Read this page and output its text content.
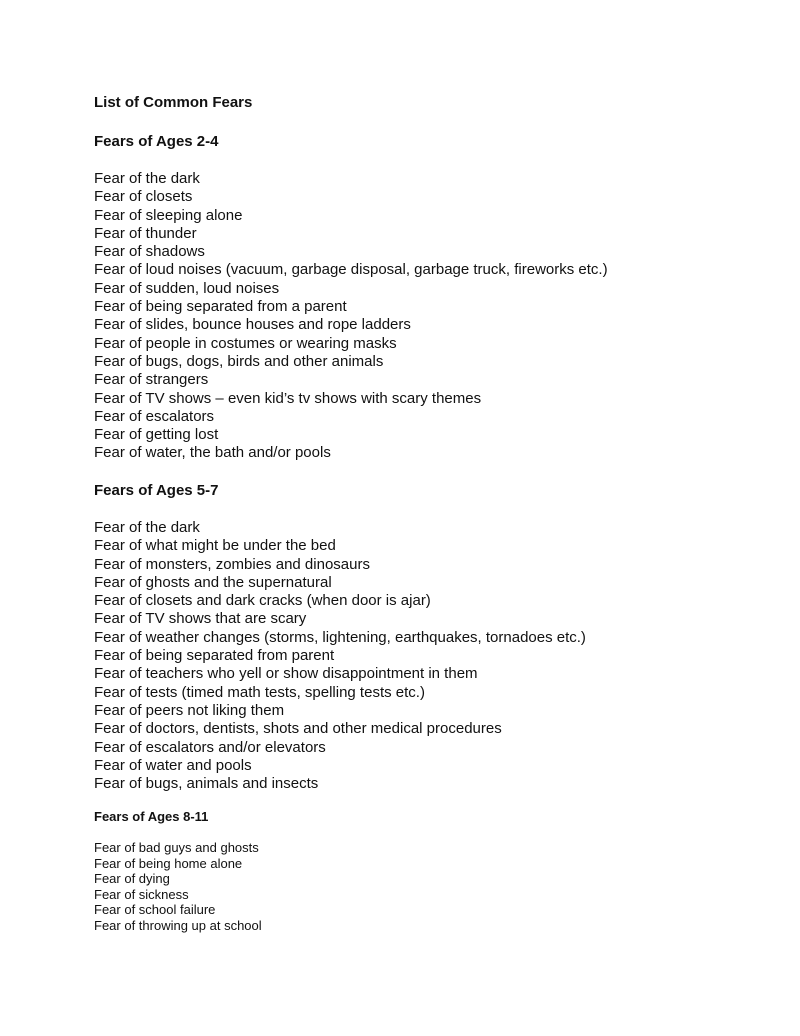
List of Common Fears
Fears of Ages 2-4
Fear of the dark
Fear of closets
Fear of sleeping alone
Fear of thunder
Fear of shadows
Fear of loud noises (vacuum, garbage disposal, garbage truck, fireworks etc.)
Fear of sudden, loud noises
Fear of being separated from a parent
Fear of slides, bounce houses and rope ladders
Fear of people in costumes or wearing masks
Fear of bugs, dogs, birds and other animals
Fear of strangers
Fear of TV shows – even kid’s tv shows with scary themes
Fear of escalators
Fear of getting lost
Fear of water, the bath and/or pools
Fears of Ages 5-7
Fear of the dark
Fear of what might be under the bed
Fear of monsters, zombies and dinosaurs
Fear of ghosts and the supernatural
Fear of closets and dark cracks (when door is ajar)
Fear of TV shows that are scary
Fear of weather changes (storms, lightening, earthquakes, tornadoes etc.)
Fear of being separated from parent
Fear of teachers who yell or show disappointment in them
Fear of tests (timed math tests, spelling tests etc.)
Fear of peers not liking them
Fear of doctors, dentists, shots and other medical procedures
Fear of escalators and/or elevators
Fear of water and pools
Fear of bugs, animals and insects
Fears of Ages 8-11
Fear of bad guys and ghosts
Fear of being home alone
Fear of dying
Fear of sickness
Fear of school failure
Fear of throwing up at school
